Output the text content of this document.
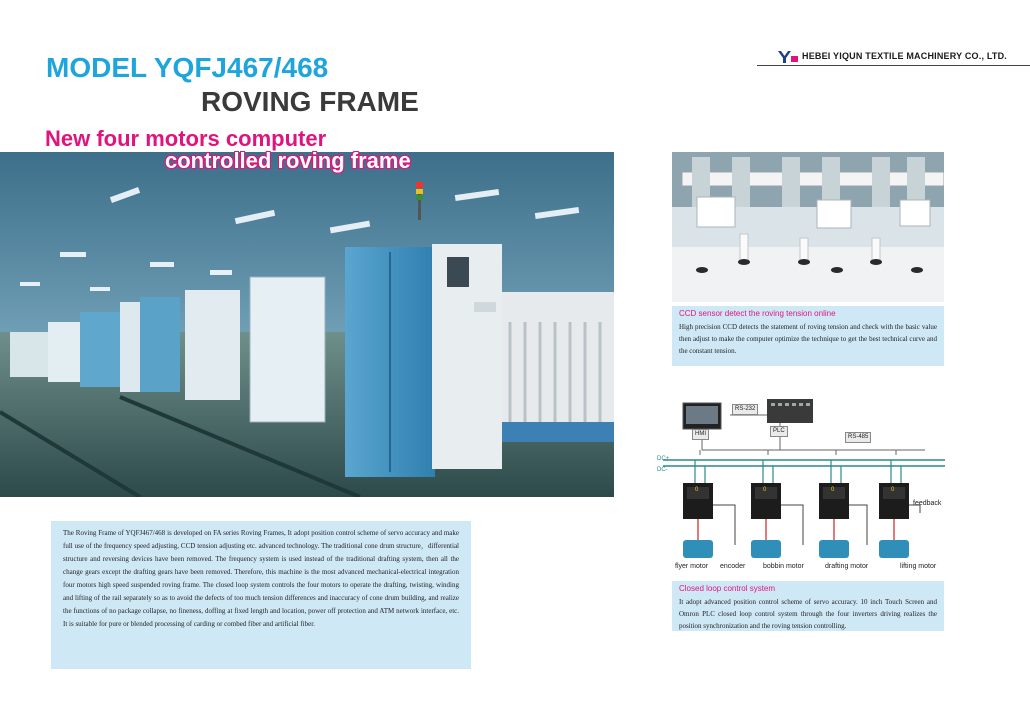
HEBEI YIQUN TEXTILE MACHINERY CO., LTD.
MODEL YQFJ467/468
ROVING FRAME
New four motors computer
controlled roving frame
The Roving Frame of YQFJ467/468 is developed on FA series Roving Frames, It adopt position control scheme of servo accuracy and make full use of the frequency speed adjusting, CCD tension adjusting etc. advanced technology. The traditional cone drum structure，differential structure and reversing devices have been removed. The frequency system is used instead of the traditional drafting system, then all the change gears except the drafting gears have been removed. Therefore, this machine is the most advanced mechanical-electrical integration four motors high speed suspended roving frame. The closed loop system controls the four motors to operate the drafting, twisting, winding and lifting of the rail separately so as to avoid the defects of too much tension differences and inaccuracy of cone drum building, and realize the functions of no package collapse, no fineness, doffing at fixed length and location, power off protection and ATM network interface, etc. It is suitable for pure or blended processing of carding or combed fiber and artificial fiber.
CCD sensor detect the roving tension online
High precision CCD detects the statement of roving tension and check with the basic value then adjust to make the computer optimize the technique to get the best technical curve and the constant tension.
RS-232
HMI	PLC
RS-485
DC+
DC-
0	0	0	0
feedback
flyer motor encoder	bobbin motor	drafting motor	lifting motor
Closed loop control system
It adopt advanced position control scheme of servo accuracy. 10 inch Touch Screen and Omron PLC closed loop control system through the four inverters driving realizes the position synchronization and the roving tension controlling.
